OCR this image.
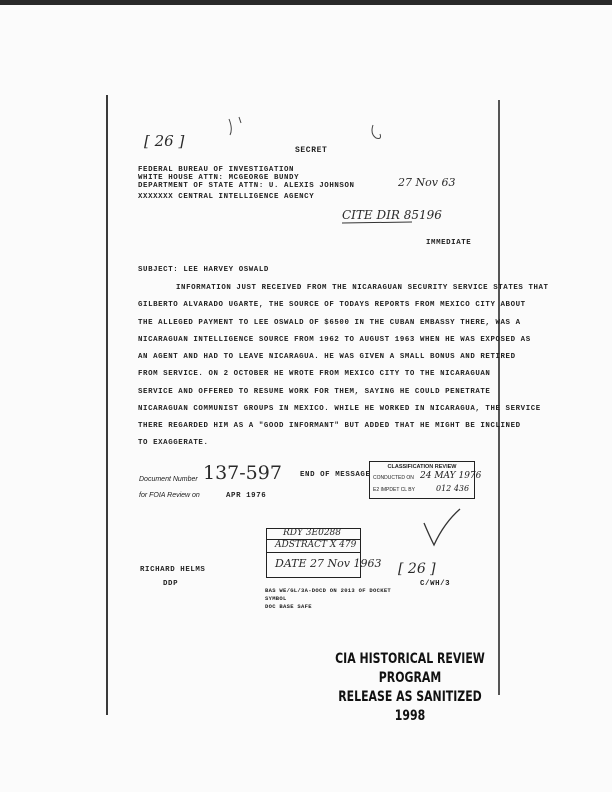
[ 26 ]
SECRET
FEDERAL BUREAU OF INVESTIGATION
WHITE HOUSE ATTN: MCGEORGE BUNDY
DEPARTMENT OF STATE ATTN: U. ALEXIS JOHNSON
XXXXXXX CENTRAL INTELLIGENCE AGENCY
27 Nov 63
CITE DIR 85196
IMMEDIATE
SUBJECT: LEE HARVEY OSWALD
INFORMATION JUST RECEIVED FROM THE NICARAGUAN SECURITY SERVICE STATES THAT
GILBERTO ALVARADO UGARTE, THE SOURCE OF TODAYS REPORTS FROM MEXICO CITY ABOUT
THE ALLEGED PAYMENT TO LEE OSWALD OF $6500 IN THE CUBAN EMBASSY THERE, WAS A
NICARAGUAN INTELLIGENCE SOURCE FROM 1962 TO AUGUST 1963 WHEN HE WAS EXPOSED AS
AN AGENT AND HAD TO LEAVE NICARAGUA. HE WAS GIVEN A SMALL BONUS AND RETIRED
FROM SERVICE. ON 2 OCTOBER HE WROTE FROM MEXICO CITY TO THE NICARAGUAN
SERVICE AND OFFERED TO RESUME WORK FOR THEM, SAYING HE COULD PENETRATE
NICARAGUAN COMMUNIST GROUPS IN MEXICO. WHILE HE WORKED IN NICARAGUA, THE SERVICE
THERE REGARDED HIM AS A "GOOD INFORMANT" BUT ADDED THAT HE MIGHT BE INCLINED
TO EXAGGERATE.
Document Number 137-597
for FOIA Review on	APR 1976
END OF MESSAGE
CLASSIFICATION REVIEW
CONDUCTED ON 24 MAY 1976
E2 IMPDET CL BY	012 436
RDY 3E0288
ADSTRACT X 479
DATE 27 Nov 1963
RICHARD HELMS
DDP
[ 26 ]
C/WH/3
BAS WE/GL/3A-DOCD ON 2013 OF DOCKET
SYMBOL
DOC BASE SAFE
CIA HISTORICAL REVIEW PROGRAM
RELEASE AS SANITIZED
1998
